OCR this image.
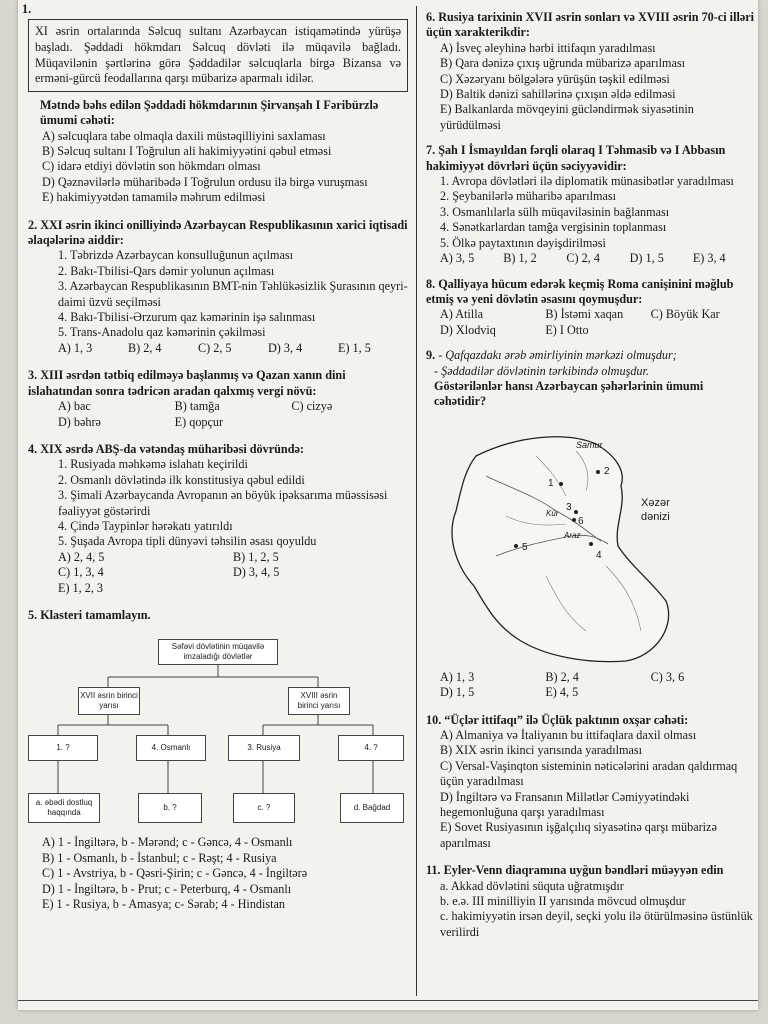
1.
XI əsrin ortalarında Səlcuq sultanı Azərbaycan istiqamətində yürüşə başladı. Şəddadi hökmdarı Səlcuq dövləti ilə müqavilə bağladı. Müqavilənin şərtlərinə görə Şəddadilər səlcuqlarla birgə Bizansa və erməni-gürcü feodallarına qarşı mübarizə aparmalı idilər.

Mətndə bəhs edilən Şəddadi hökmdarının Şirvanşah I Fəribürzlə ümumi cəhəti:

A) səlcuqlara tabe olmaqla daxili müstəqilliyini saxlaması

B) Səlcuq sultanı I Toğrulun ali hakimiyyətini qəbul etməsi

C) idarə etdiyi dövlətin son hökmdarı olması

D) Qəznəvilərlə müharibədə I Toğrulun ordusu ilə birgə vuruşması

E) hakimiyyətdən tamamilə məhrum edilməsi

2. XXI əsrin ikinci onilliyində Azərbaycan Respublikasının xarici iqtisadi əlaqələrinə aiddir:

1. Təbrizdə Azərbaycan konsulluğunun açılması

2. Bakı-Tbilisi-Qars dəmir yolunun açılması

3. Azərbaycan Respublikasının BMT-nin Təhlükəsizlik Şurasının qeyri-daimi üzvü seçilməsi

4. Bakı-Tbilisi-Ərzurum qaz kəmərinin işə salınması

5. Trans-Anadolu qaz kəmərinin çəkilməsi

A) 1, 3	B) 2, 4	C) 2, 5	D) 3, 4	E) 1, 5

3. XIII əsrdən tətbiq edilməyə başlanmış və Qazan xanın dini islahatından sonra tədricən aradan qalxmış vergi növü:

A) bac	B) tamğa	C) cizyə
D) bəhrə	E) qopçur

4. XIX əsrdə ABŞ-da vətəndaş müharibəsi dövründə:

1. Rusiyada məhkəmə islahatı keçirildi

2. Osmanlı dövlətində ilk konstitusiya qəbul edildi

3. Şimali Azərbaycanda Avropanın ən böyük ipəksarıma müəssisəsi fəaliyyət göstərirdi

4. Çində Taypinlər hərəkatı yatırıldı

5. Şuşada Avropa tipli dünyəvi təhsilin əsası qoyuldu

A) 2, 4, 5	B) 1, 2, 5
C) 1, 3, 4	D) 3, 4, 5
E) 1, 2, 3

5. Klasteri tamamlayın.

Səfəvi dövlətinin müqavilə imzaladığı dövlətlər
XVII əsrin birinci yarısı
XVIII əsrin birinci yarısı
1. ?	4. Osmanlı	3. Rusiya	4. ?
a. əbədi dostluq haqqında
b. ?	c. ?	d. Bağdad

A) 1 - İngiltərə, b - Mərənd; c - Gəncə, 4 - Osmanlı

B) 1 - Osmanlı, b - İstanbul; c - Rəşt; 4 - Rusiya

C) 1 - Avstriya, b - Qəsri-Şirin; c - Gəncə, 4 - İngiltərə

D) 1 - İngiltərə, b - Prut; c - Peterburq, 4 - Osmanlı

E) 1 - Rusiya, b - Amasya; c- Sərab; 4 - Hindistan

6. Rusiya tarixinin XVII əsrin sonları və XVIII əsrin 70-ci illəri üçün xarakterikdir:

A) İsveç əleyhinə hərbi ittifaqın yaradılması

B) Qara dənizə çıxış uğrunda mübarizə aparılması

C) Xəzəryanı bölgələrə yürüşün təşkil edilməsi

D) Baltik dənizi sahillərinə çıxışın əldə edilməsi

E) Balkanlarda mövqeyini gücləndirmək siyasətinin yürüdülməsi

7. Şah I İsmayıldan fərqli olaraq I Təhmasib və I Abbasın hakimiyyət dövrləri üçün səciyyəvidir:

1. Avropa dövlətləri ilə diplomatik münasibətlər yaradılması

2. Şeybanilərlə müharibə aparılması

3. Osmanlılarla sülh müqaviləsinin bağlanması

4. Sənətkarlardan tamğa vergisinin toplanması

5. Ölkə paytaxtının dəyişdirilməsi

A) 3, 5	B) 1, 2	C) 2, 4	D) 1, 5	E) 3, 4

8. Qalliyaya hücum edərək keçmiş Roma canişinini məğlub etmiş və yeni dövlətin əsasını qoymuşdur:

A) Atilla	B) İstəmi xaqan	C) Böyük Kar
D) Xlodviq	E) I Otto

9. - Qafqazdakı ərəb əmirliyinin mərkəzi olmuşdur;

- Şəddadilər dövlətinin tərkibində olmuşdur.

Göstərilənlər hansı Azərbaycan şəhərlərinin ümumi cəhətidir?

Samur
Xəzər
dənizi
Araz
Kür
1
2
3
4
5
6
A) 1, 3	B) 2, 4	C) 3, 6
D) 1, 5	E) 4, 5

10. “Üçlər ittifaqı” ilə Üçlük paktının oxşar cəhəti:

A) Almaniya və İtaliyanın bu ittifaqlara daxil olması

B) XIX əsrin ikinci yarısında yaradılması

C) Versal-Vaşinqton sisteminin nəticələrini aradan qaldırmaq üçün yaradılması

D) İngiltərə və Fransanın Millətlər Cəmiyyətindəki hegemonluğuna qarşı yaradılması

E) Sovet Rusiyasının işğalçılıq siyasətinə qarşı mübarizə aparılması

11. Eyler-Venn diaqramına uyğun bəndləri müəyyən edin

a. Akkad dövlətini süquta uğratmışdır

b. e.ə. III minilliyin II yarısında mövcud olmuşdur

c. hakimiyyətin irsən deyil, seçki yolu ilə ötürülməsinə üstünlük verilirdi
